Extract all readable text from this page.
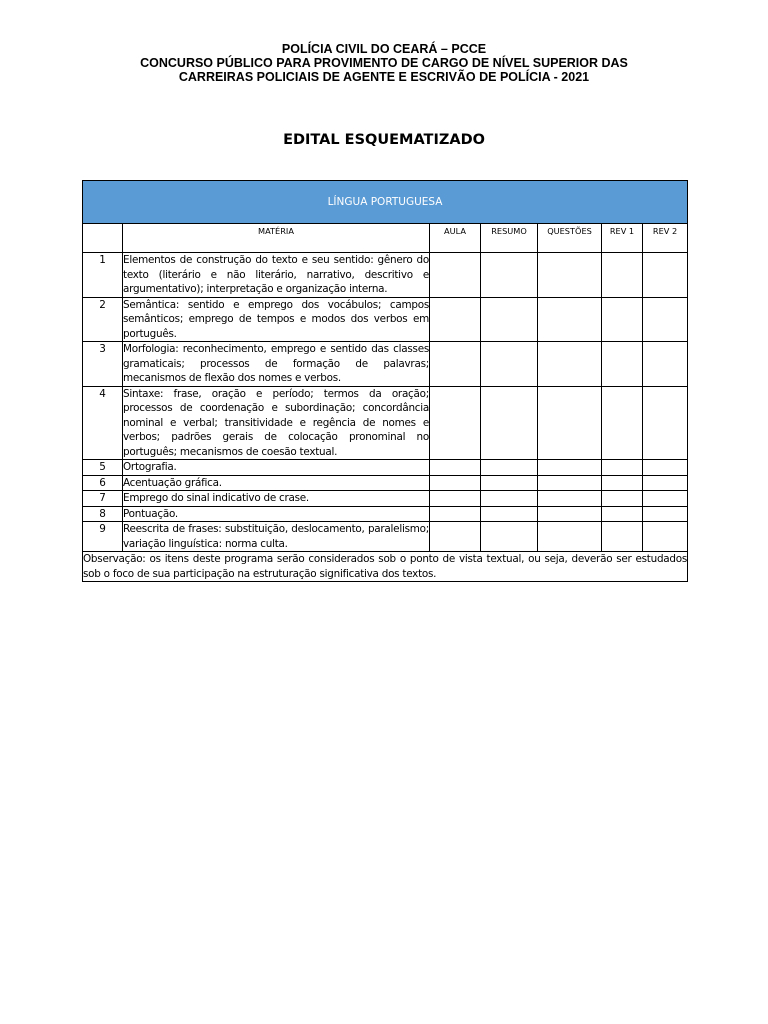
POLÍCIA CIVIL DO CEARÁ – PCCE
CONCURSO PÚBLICO PARA PROVIMENTO DE CARGO DE NÍVEL SUPERIOR DAS
CARREIRAS POLICIAIS DE AGENTE E ESCRIVÃO DE POLÍCIA - 2021
EDITAL ESQUEMATIZADO
LÍNGUA PORTUGUESA						
	MATÉRIA	AULA	RESUMO	QUESTÕES	REV 1	REV 2
1	Elementos de construção do texto e seu sentido: gênero do texto (literário e não literário, narrativo, descritivo e argumentativo); interpretação e organização interna.					
2	Semântica: sentido e emprego dos vocábulos; campos semânticos; emprego de tempos e modos dos verbos em português.					
3	Morfologia: reconhecimento, emprego e sentido das classes gramaticais; processos de formação de palavras; mecanismos de flexão dos nomes e verbos.					
4	Sintaxe: frase, oração e período; termos da oração; processos de coordenação e subordinação; concordância nominal e verbal; transitividade e regência de nomes e verbos; padrões gerais de colocação pronominal no português; mecanismos de coesão textual.					
5	Ortografia.					
6	Acentuação gráfica.					
7	Emprego do sinal indicativo de crase.					
8	Pontuação.					
9	Reescrita de frases: substituição, deslocamento, paralelismo; variação linguística: norma culta.					
Observação: os itens deste programa serão considerados sob o ponto de vista textual, ou seja, deverão ser estudados sob o foco de sua participação na estruturação significativa dos textos.						
